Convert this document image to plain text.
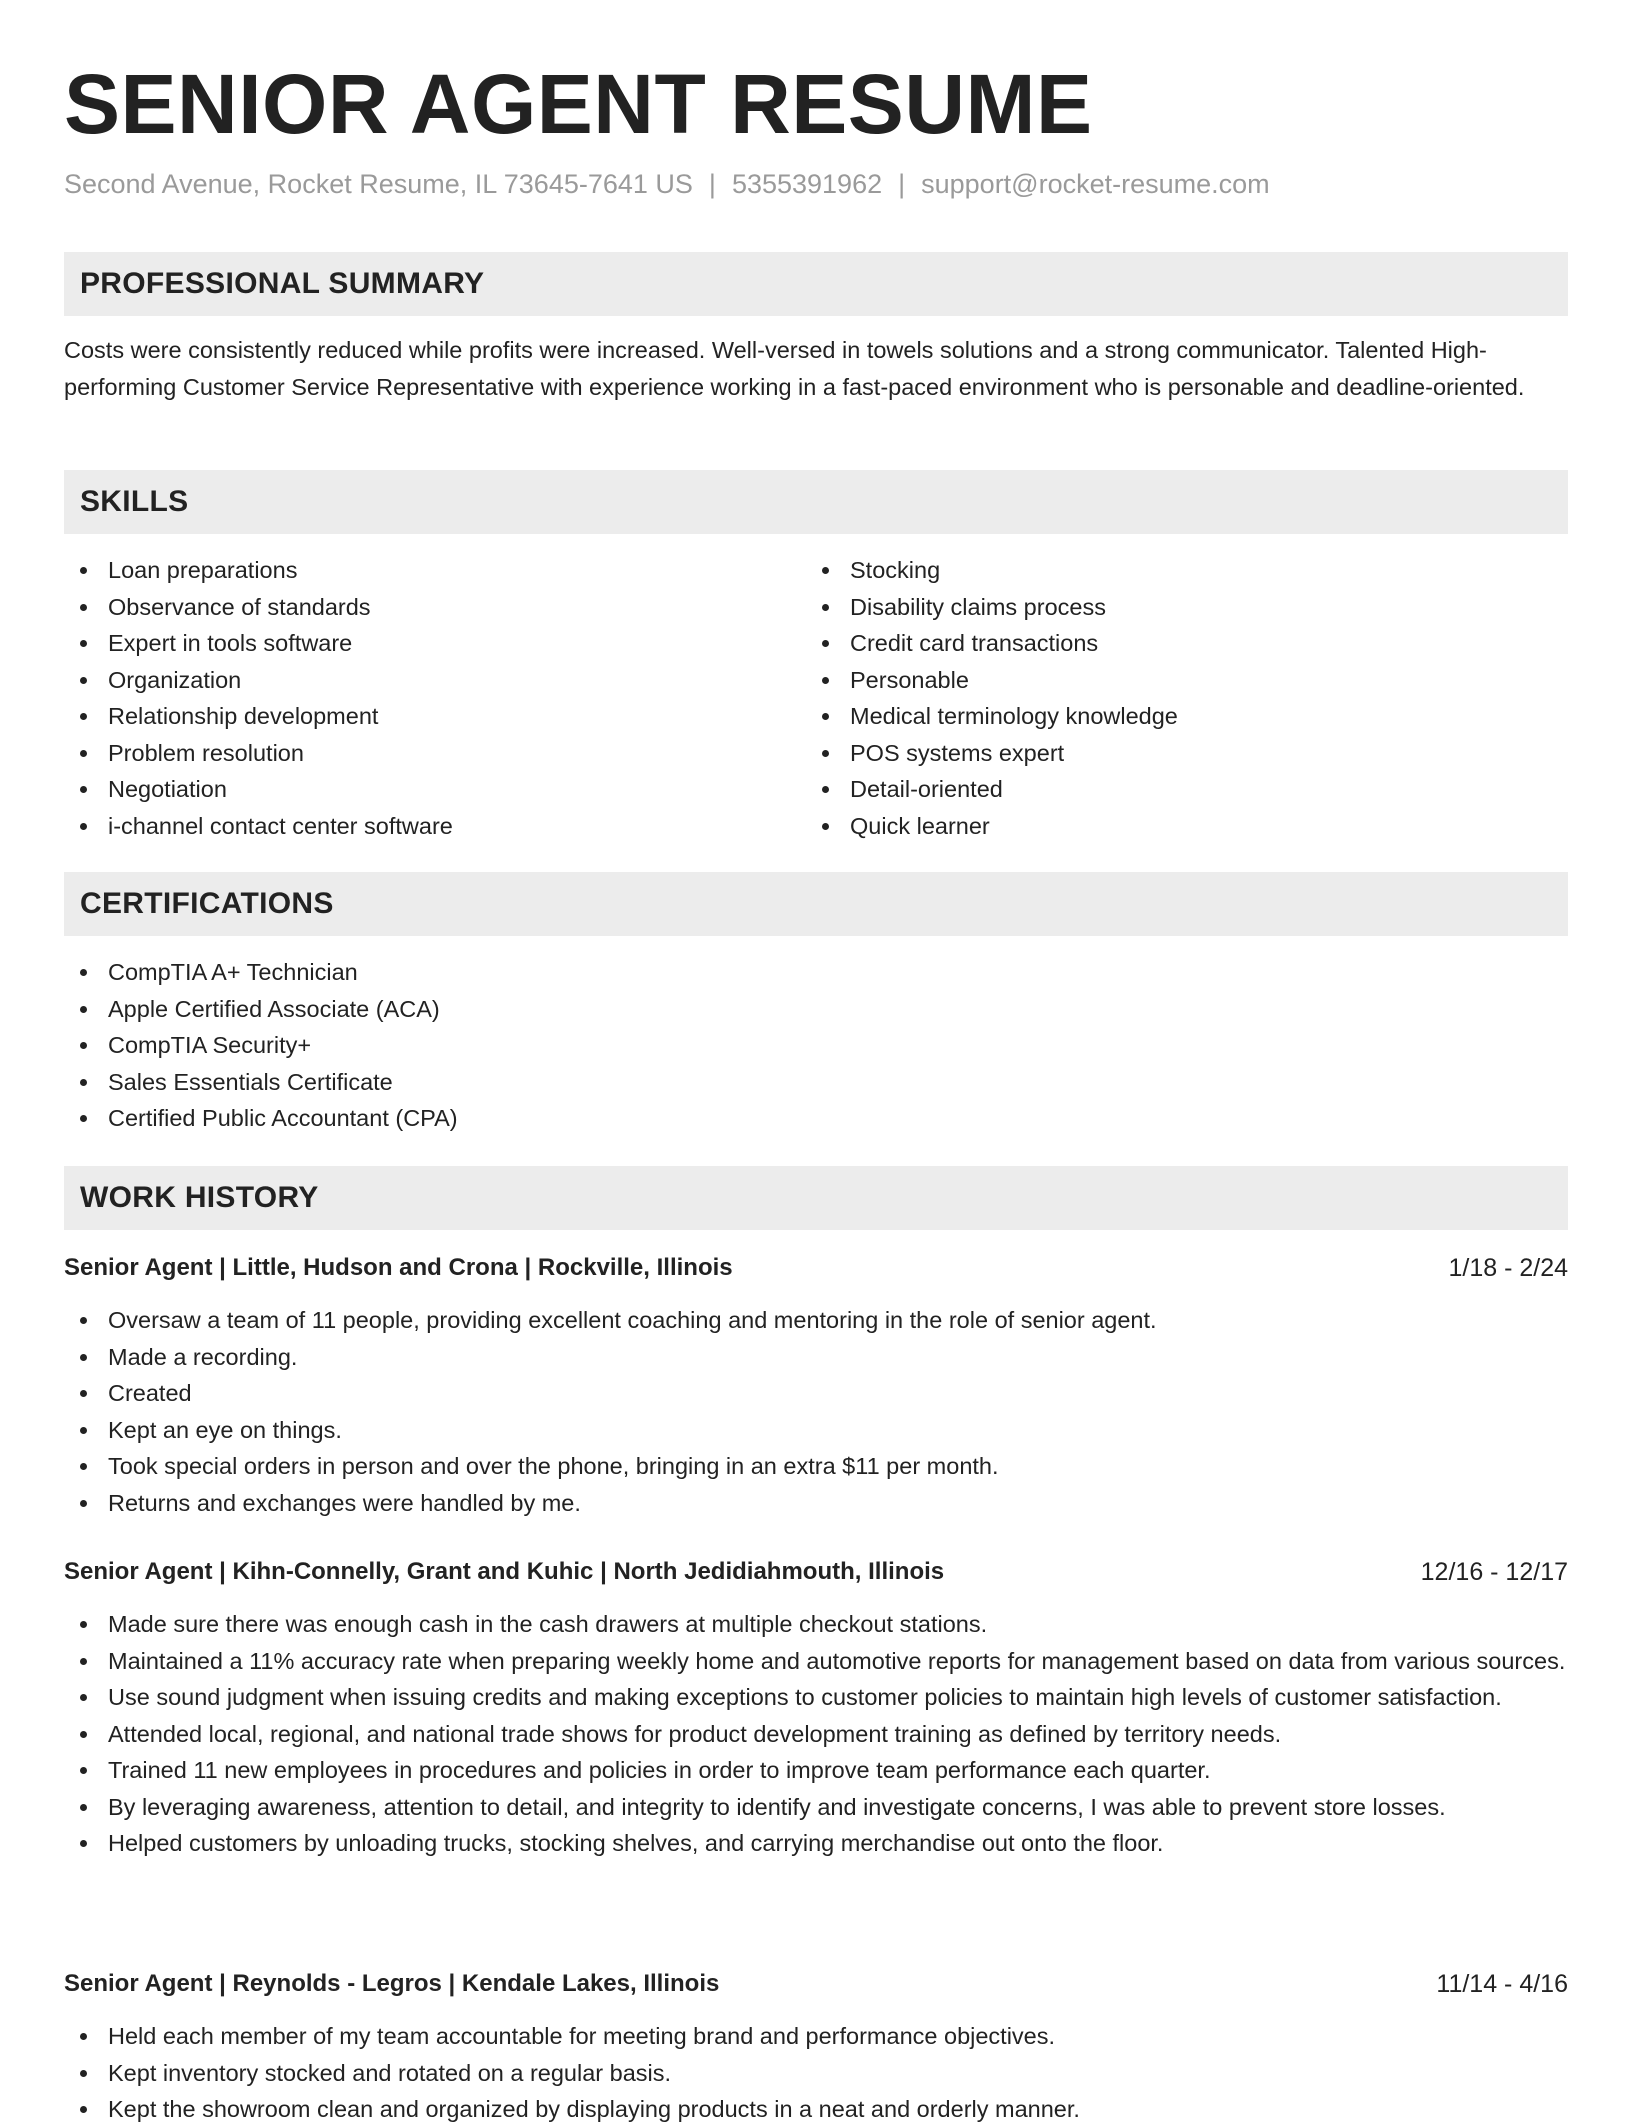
SENIOR AGENT RESUME
Second Avenue, Rocket Resume, IL 73645-7641 US | 5355391962 | support@rocket-resume.com
PROFESSIONAL SUMMARY

Costs were consistently reduced while profits were increased. Well-versed in towels solutions and a strong communicator. Talented High-performing Customer Service Representative with experience working in a fast-paced environment who is personable and deadline-oriented.

SKILLS
Loan preparations
Observance of standards
Expert in tools software
Organization
Relationship development
Problem resolution
Negotiation
i-channel contact center software
Stocking
Disability claims process
Credit card transactions
Personable
Medical terminology knowledge
POS systems expert
Detail-oriented
Quick learner
CERTIFICATIONS
CompTIA A+ Technician
Apple Certified Associate (ACA)
CompTIA Security+
Sales Essentials Certificate
Certified Public Accountant (CPA)
WORK HISTORY
Senior Agent | Little, Hudson and Crona | Rockville, Illinois	1/18 - 2/24
Oversaw a team of 11 people, providing excellent coaching and mentoring in the role of senior agent.
Made a recording.
Created
Kept an eye on things.
Took special orders in person and over the phone, bringing in an extra $11 per month.
Returns and exchanges were handled by me.
Senior Agent | Kihn-Connelly, Grant and Kuhic | North Jedidiahmouth, Illinois	12/16 - 12/17
Made sure there was enough cash in the cash drawers at multiple checkout stations.
Maintained a 11% accuracy rate when preparing weekly home and automotive reports for management based on data from various sources.
Use sound judgment when issuing credits and making exceptions to customer policies to maintain high levels of customer satisfaction.
Attended local, regional, and national trade shows for product development training as defined by territory needs.
Trained 11 new employees in procedures and policies in order to improve team performance each quarter.
By leveraging awareness, attention to detail, and integrity to identify and investigate concerns, I was able to prevent store losses.
Helped customers by unloading trucks, stocking shelves, and carrying merchandise out onto the floor.
Senior Agent | Reynolds - Legros | Kendale Lakes, Illinois	11/14 - 4/16
Held each member of my team accountable for meeting brand and performance objectives.
Kept inventory stocked and rotated on a regular basis.
Kept the showroom clean and organized by displaying products in a neat and orderly manner.
